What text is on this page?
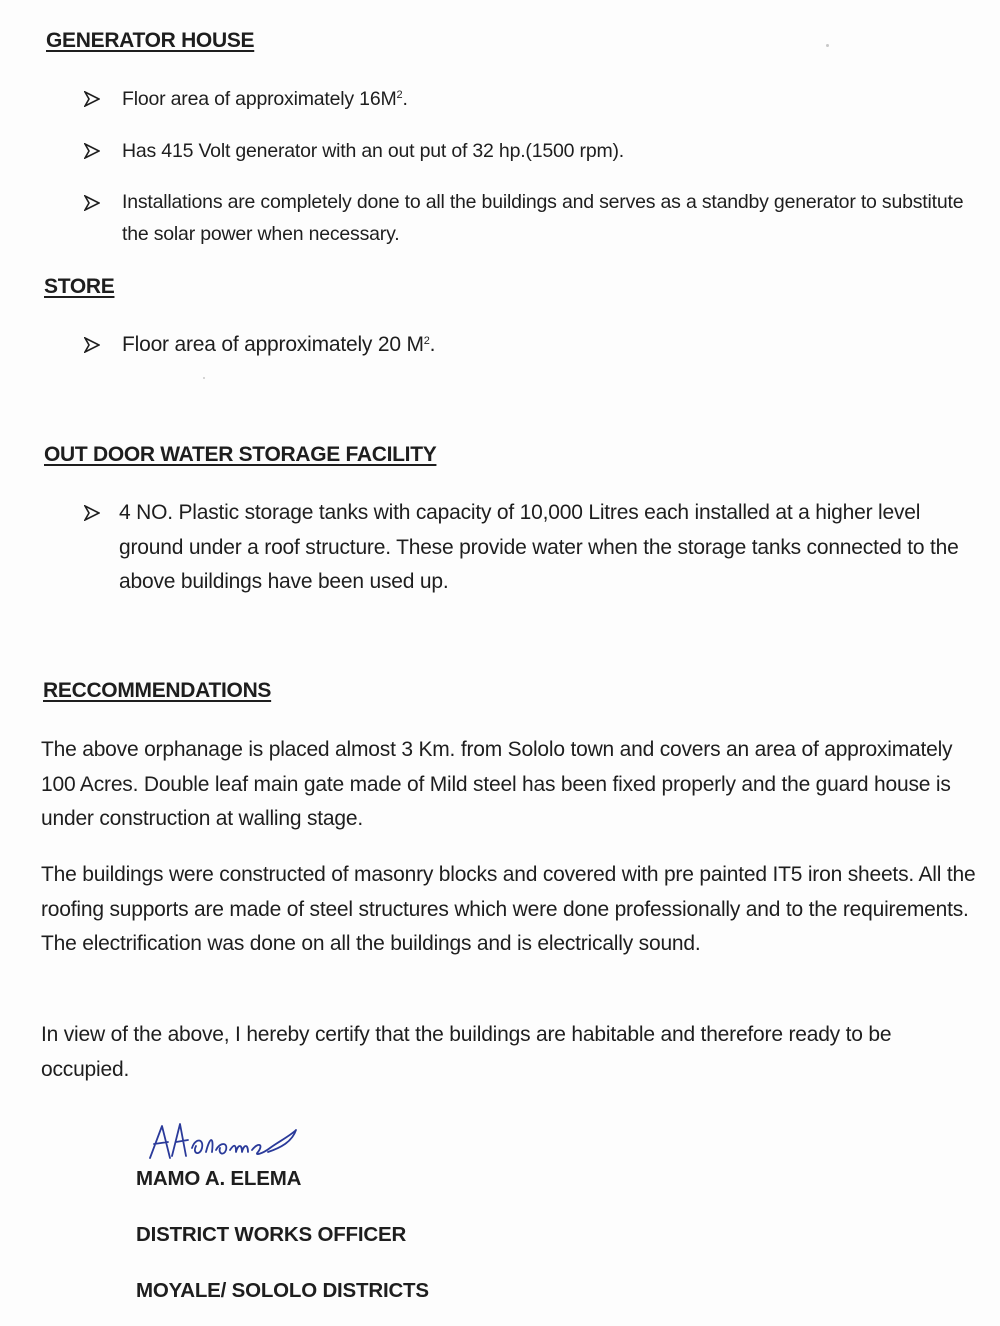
GENERATOR HOUSE
Floor area of approximately $16M^2$.
Has 415 Volt generator with an out put of 32 hp.(1500 rpm).
Installations are completely done to all the buildings and serves as a standby generator to substitute the solar power when necessary.
STORE
Floor area of approximately 20 $M^2$.
OUT DOOR WATER STORAGE FACILITY
4 NO. Plastic storage tanks with capacity of 10,000 Litres each installed at a higher level ground under a roof structure. These provide water when the storage tanks connected to the above buildings have been used up.
RECCOMMENDATIONS
The above orphanage is placed almost 3 Km. from Sololo town and covers an area of approximately 100 Acres. Double leaf main gate made of Mild steel has been fixed properly and the guard house is under construction at walling stage.
The buildings were constructed of masonry blocks and covered with pre painted IT5 iron sheets. All the roofing supports are made of steel structures which were done professionally and to the requirements. The electrification was done on all the buildings and is electrically sound.
In view of the above, I hereby certify that the buildings are habitable and therefore ready to be occupied.
MAMO A. ELEMA
DISTRICT WORKS OFFICER
MOYALE/ SOLOLO DISTRICTS
